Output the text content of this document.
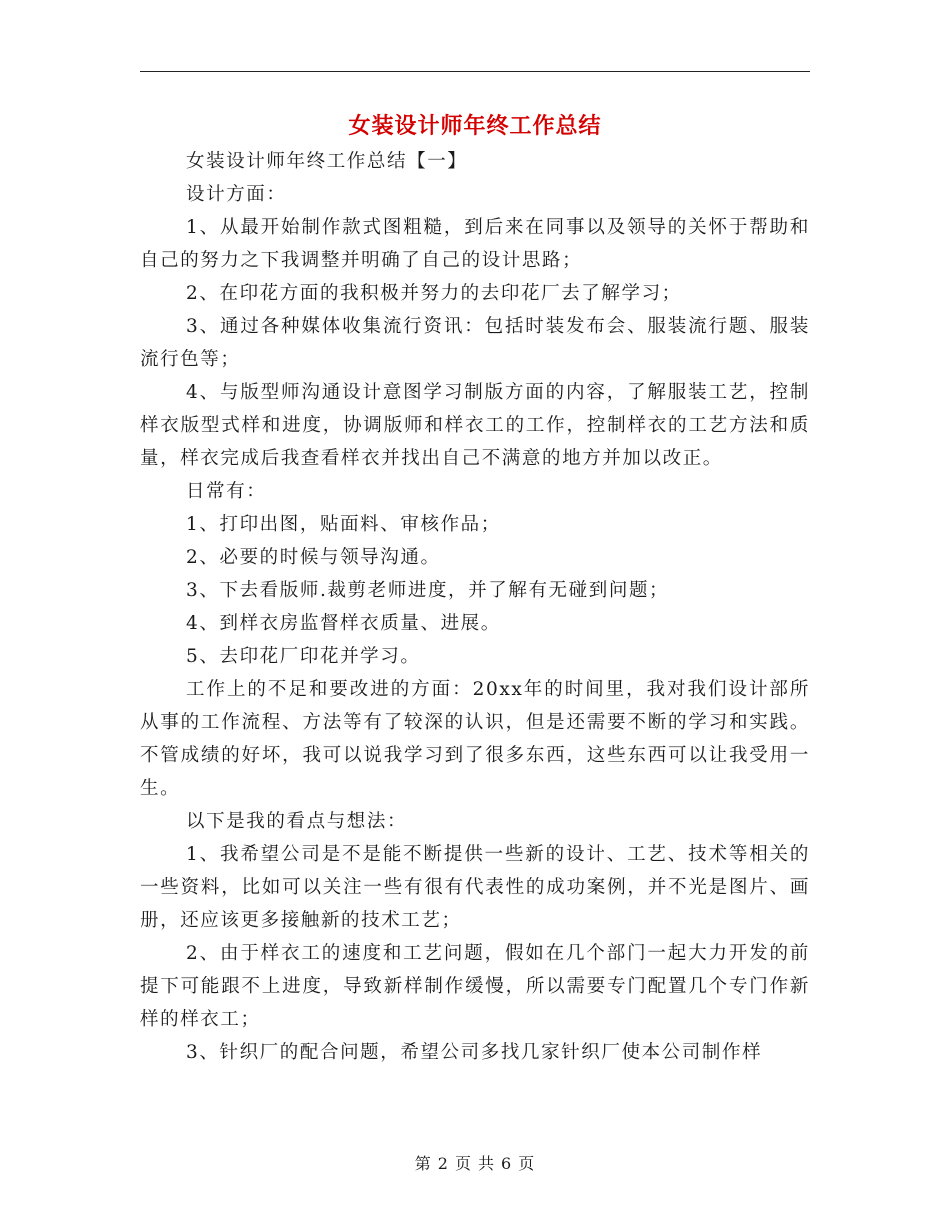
女装设计师年终工作总结

女装设计师年终工作总结【一】

设计方面：

1、从最开始制作款式图粗糙，到后来在同事以及领导的关怀于帮助和自己的努力之下我调整并明确了自己的设计思路；

2、在印花方面的我积极并努力的去印花厂去了解学习；

3、通过各种媒体收集流行资讯：包括时装发布会、服装流行题、服装流行色等；

4、与版型师沟通设计意图学习制版方面的内容，了解服装工艺，控制样衣版型式样和进度，协调版师和样衣工的工作，控制样衣的工艺方法和质量，样衣完成后我查看样衣并找出自己不满意的地方并加以改正。

日常有：

1、打印出图，贴面料、审核作品；

2、必要的时候与领导沟通。

3、下去看版师.裁剪老师进度，并了解有无碰到问题；

4、到样衣房监督样衣质量、进展。

5、去印花厂印花并学习。

工作上的不足和要改进的方面：20xx年的时间里，我对我们设计部所从事的工作流程、方法等有了较深的认识，但是还需要不断的学习和实践。不管成绩的好坏，我可以说我学习到了很多东西，这些东西可以让我受用一生。

以下是我的看点与想法：

1、我希望公司是不是能不断提供一些新的设计、工艺、技术等相关的一些资料，比如可以关注一些有很有代表性的成功案例，并不光是图片、画册，还应该更多接触新的技术工艺；

2、由于样衣工的速度和工艺问题，假如在几个部门一起大力开发的前提下可能跟不上进度，导致新样制作缓慢，所以需要专门配置几个专门作新样的样衣工；

3、针织厂的配合问题，希望公司多找几家针织厂使本公司制作样

第 2 页 共 6 页
